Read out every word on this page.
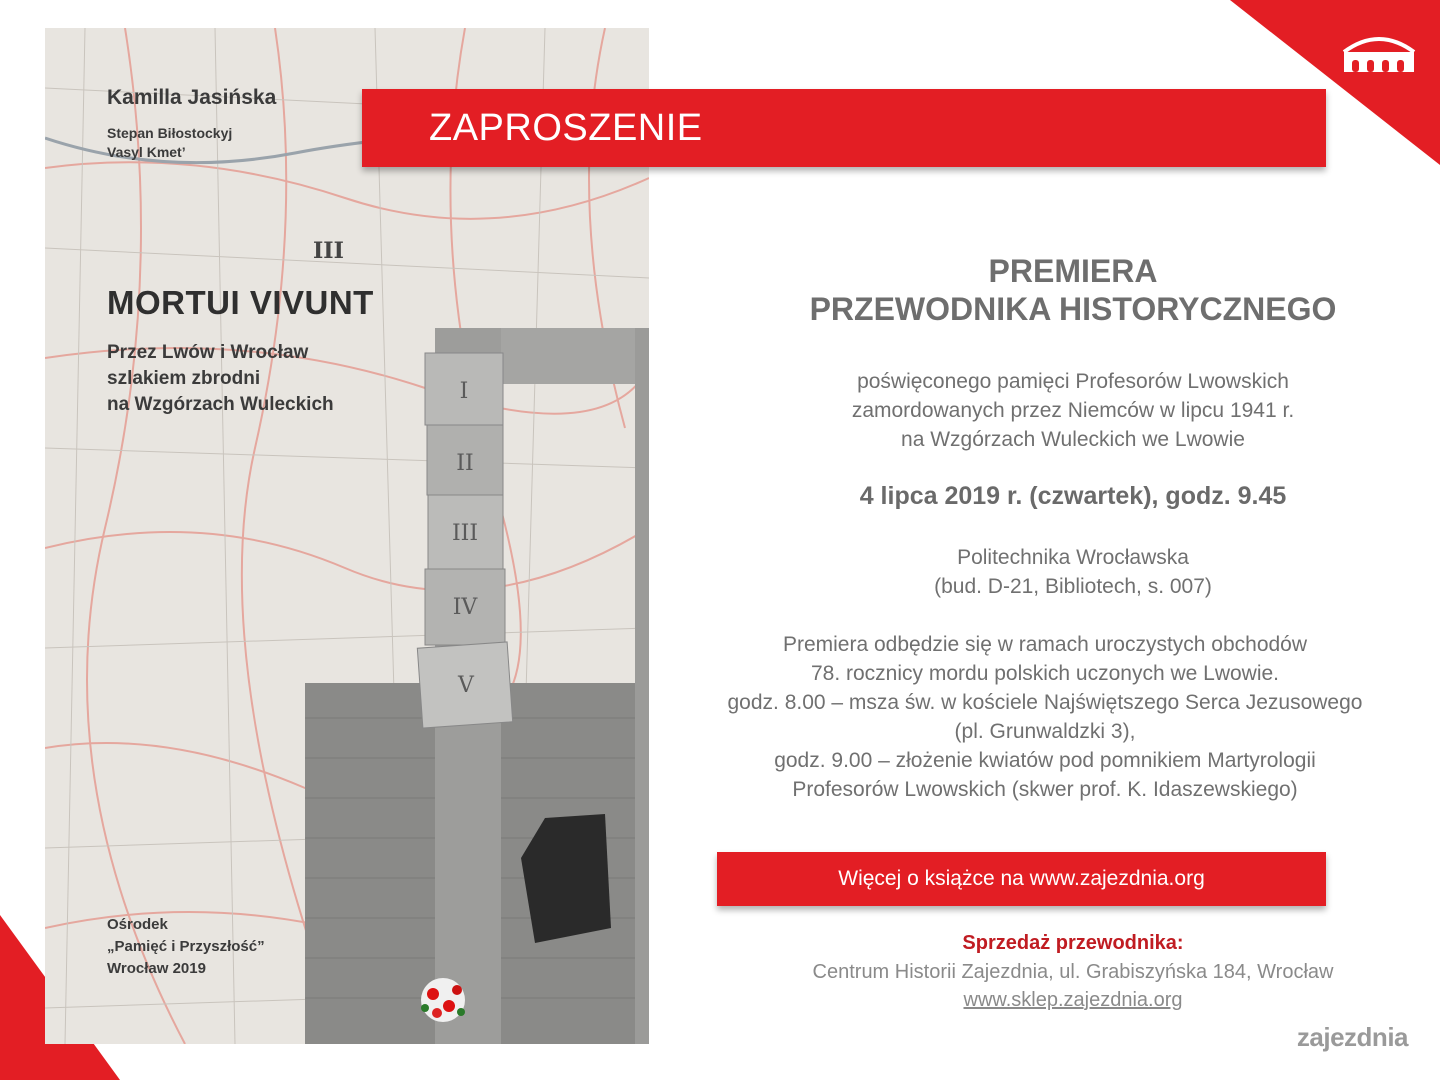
Kamilla Jasińska
Stepan Biłostockyj
Vasyl Kmet’
III
MORTUI VIVUNT
Przez Lwów i Wrocław
szlakiem zbrodni
na Wzgórzach Wuleckich
I
II
III
IV
V
Ośrodek
„Pamięć i Przyszłość”
Wrocław 2019
ZAPROSZENIE
PREMIERA
PRZEWODNIKA HISTORYCZNEGO
poświęconego pamięci Profesorów Lwowskich
zamordowanych przez Niemców w lipcu 1941 r.
na Wzgórzach Wuleckich we Lwowie
4 lipca 2019 r. (czwartek), godz. 9.45
Politechnika Wrocławska
(bud. D-21, Bibliotech, s. 007)
Premiera odbędzie się w ramach uroczystych obchodów
78. rocznicy mordu polskich uczonych we Lwowie.
godz. 8.00 – msza św. w kościele Najświętszego Serca Jezusowego
(pl. Grunwaldzki 3),
godz. 9.00 – złożenie kwiatów pod pomnikiem Martyrologii
Profesorów Lwowskich (skwer prof. K. Idaszewskiego)
Więcej o książce na www.zajezdnia.org
Sprzedaż przewodnika:
Centrum Historii Zajezdnia, ul. Grabiszyńska 184, Wrocław
www.sklep.zajezdnia.org
zajezdnia
